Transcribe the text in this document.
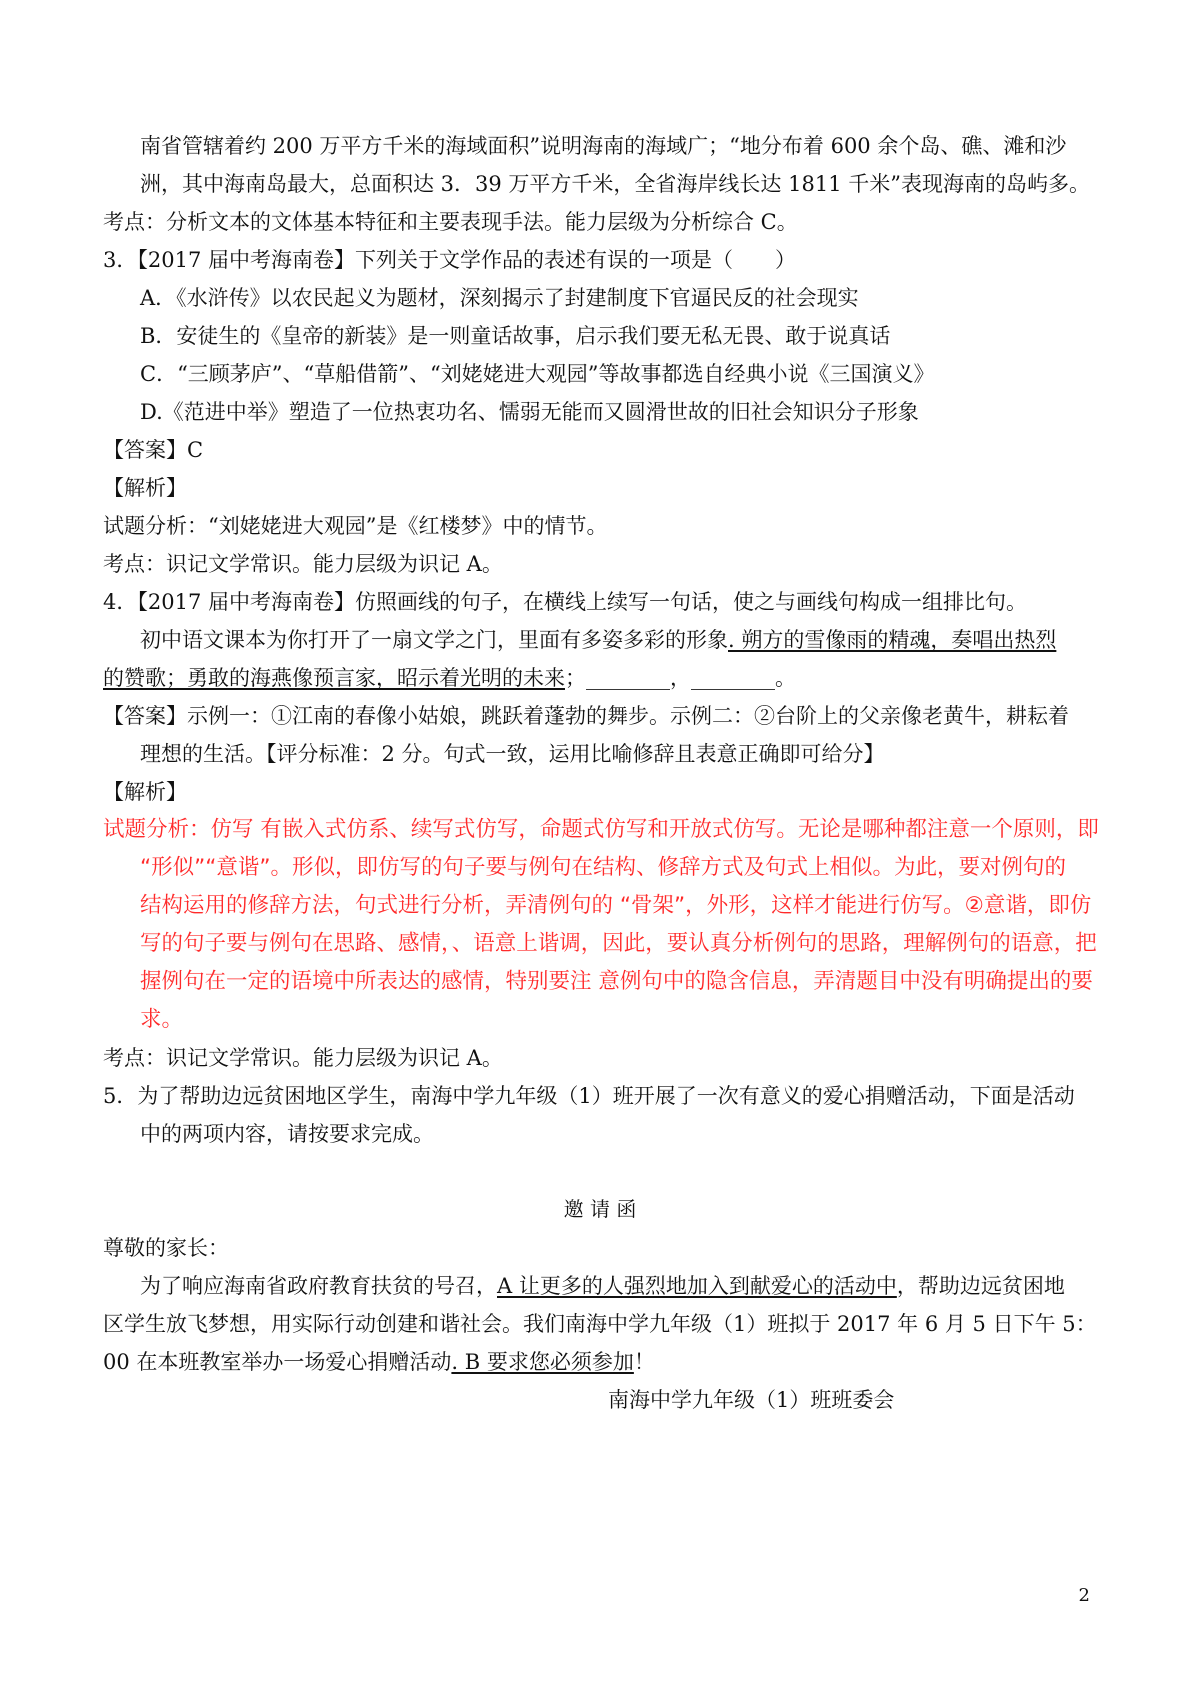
南省管辖着约 200 万平方千米的海域面积”说明海南的海域广；“地分布着 600 余个岛、礁、滩和沙
洲，其中海南岛最大，总面积达 3．39 万平方千米，全省海岸线长达 1811 千米”表现海南的岛屿多。
考点：分析文本的文体基本特征和主要表现手法。能力层级为分析综合 C。
3．【2017 届中考海南卷】下列关于文学作品的表述有误的一项是（　　）
A．《水浒传》以农民起义为题材，深刻揭示了封建制度下官逼民反的社会现实
B．安徒生的《皇帝的新装》是一则童话故事，启示我们要无私无畏、敢于说真话
C．“三顾茅庐”、“草船借箭”、“刘姥姥进大观园”等故事都选自经典小说《三国演义》
D.《范进中举》塑造了一位热衷功名、懦弱无能而又圆滑世故的旧社会知识分子形象
【答案】C
【解析】
试题分析：“刘姥姥进大观园”是《红楼梦》中的情节。
考点：识记文学常识。能力层级为识记 A。
4．【2017 届中考海南卷】仿照画线的句子，在横线上续写一句话，使之与画线句构成一组排比句。
初中语文课本为你打开了一扇文学之门，里面有多姿多彩的形象. 朔方的雪像雨的精魂，奏唱出热烈
的赞歌；勇敢的海燕像预言家，昭示着光明的未来；________，________。
【答案】示例一：①江南的春像小姑娘，跳跃着蓬勃的舞步。示例二：②台阶上的父亲像老黄牛，耕耘着
理想的生活。【评分标准：2 分。句式一致，运用比喻修辞且表意正确即可给分】
【解析】
试题分析：仿写 有嵌入式仿系、续写式仿写，命题式仿写和开放式仿写。无论是哪种都注意一个原则，即
“形似”“意谐”。形似，即仿写的句子要与例句在结构、修辞方式及句式上相似。为此，要对例句的
结构运用的修辞方法，句式进行分析，弄清例句的 “骨架”，外形，这样才能进行仿写。②意谐，即仿
写的句子要与例句在思路、感情，、语意上谐调，因此，要认真分析例句的思路，理解例句的语意，把
握例句在一定的语境中所表达的感情，特别要注 意例句中的隐含信息，弄清题目中没有明确提出的要
求。
考点：识记文学常识。能力层级为识记 A。
5．为了帮助边远贫困地区学生，南海中学九年级（1）班开展了一次有意义的爱心捐赠活动，下面是活动
中的两项内容，请按要求完成。
邀 请 函
尊敬的家长：
为了响应海南省政府教育扶贫的号召，A 让更多的人强烈地加入到献爱心的活动中，帮助边远贫困地
区学生放飞梦想，用实际行动创建和谐社会。我们南海中学九年级（1）班拟于 2017 年 6 月 5 日下午 5：
00 在本班教室举办一场爱心捐赠活动. B 要求您必须参加！
南海中学九年级（1）班班委会
2
